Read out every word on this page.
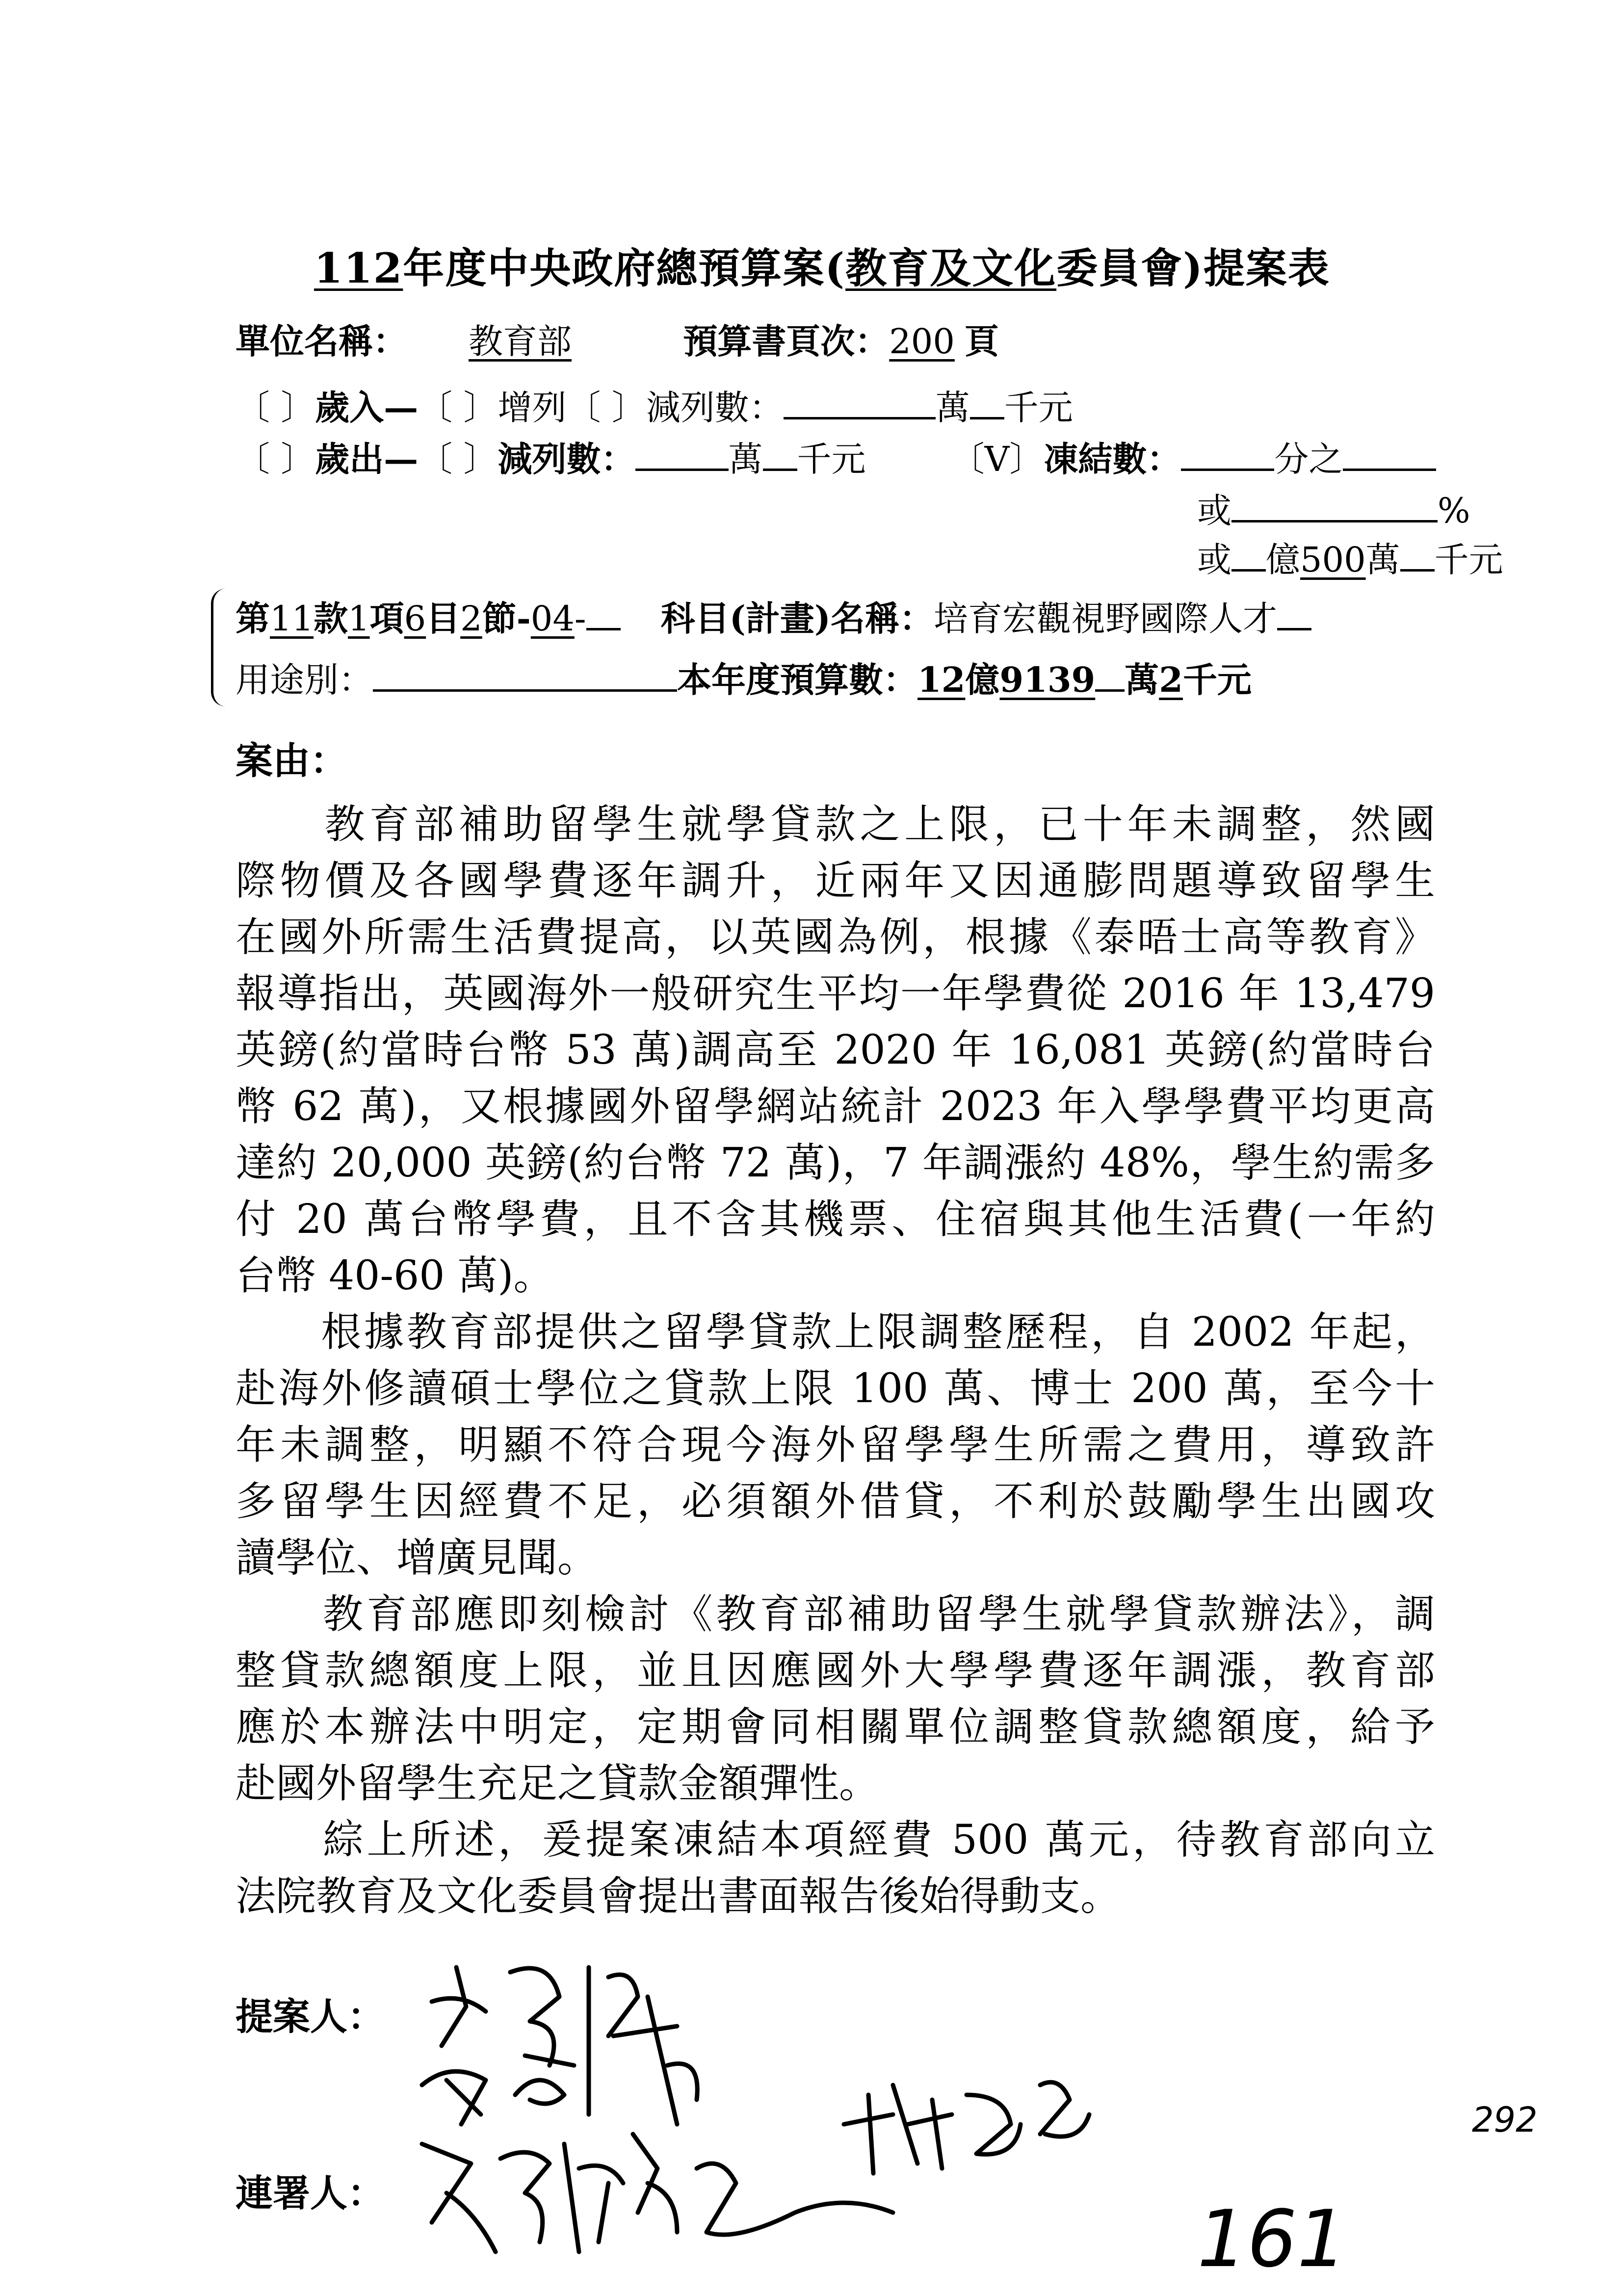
112年度中央政府總預算案(教育及文化委員會)提案表
單位名稱： 教育部	預算書頁次：200 頁
〔 〕歲入—〔 〕增列〔 〕減列數：	萬 千元
〔 〕歲出—〔 〕減列數：	萬 千元 〔V〕凍結數：	分之
或	%
或 億500萬 千元
第11款1項6目2節-04- 科目(計畫)名稱：培育宏觀視野國際人才
用途別：	本年度預算數：12億9139 萬2千元
案由：
　　教育部補助留學生就學貸款之上限，已十年未調整，然國
際物價及各國學費逐年調升，近兩年又因通膨問題導致留學生
在國外所需生活費提高，以英國為例，根據《泰晤士高等教育》
報導指出，英國海外一般研究生平均一年學費從 2016 年 13,479
英鎊(約當時台幣 53 萬)調高至 2020 年 16,081 英鎊(約當時台
幣 62 萬)，又根據國外留學網站統計 2023 年入學學費平均更高
達約 20,000 英鎊(約台幣 72 萬)，7 年調漲約 48%，學生約需多
付 20 萬台幣學費，且不含其機票、住宿與其他生活費(一年約
台幣 40-60 萬)。
　　根據教育部提供之留學貸款上限調整歷程，自 2002 年起，
赴海外修讀碩士學位之貸款上限 100 萬、博士 200 萬，至今十
年未調整，明顯不符合現今海外留學學生所需之費用，導致許
多留學生因經費不足，必須額外借貸，不利於鼓勵學生出國攻
讀學位、增廣見聞。
　　教育部應即刻檢討《教育部補助留學生就學貸款辦法》，調
整貸款總額度上限，並且因應國外大學學費逐年調漲，教育部
應於本辦法中明定，定期會同相關單位調整貸款總額度，給予
赴國外留學生充足之貸款金額彈性。
　　綜上所述，爰提案凍結本項經費 500 萬元，待教育部向立
法院教育及文化委員會提出書面報告後始得動支。
提案人：
連署人：	161
292
